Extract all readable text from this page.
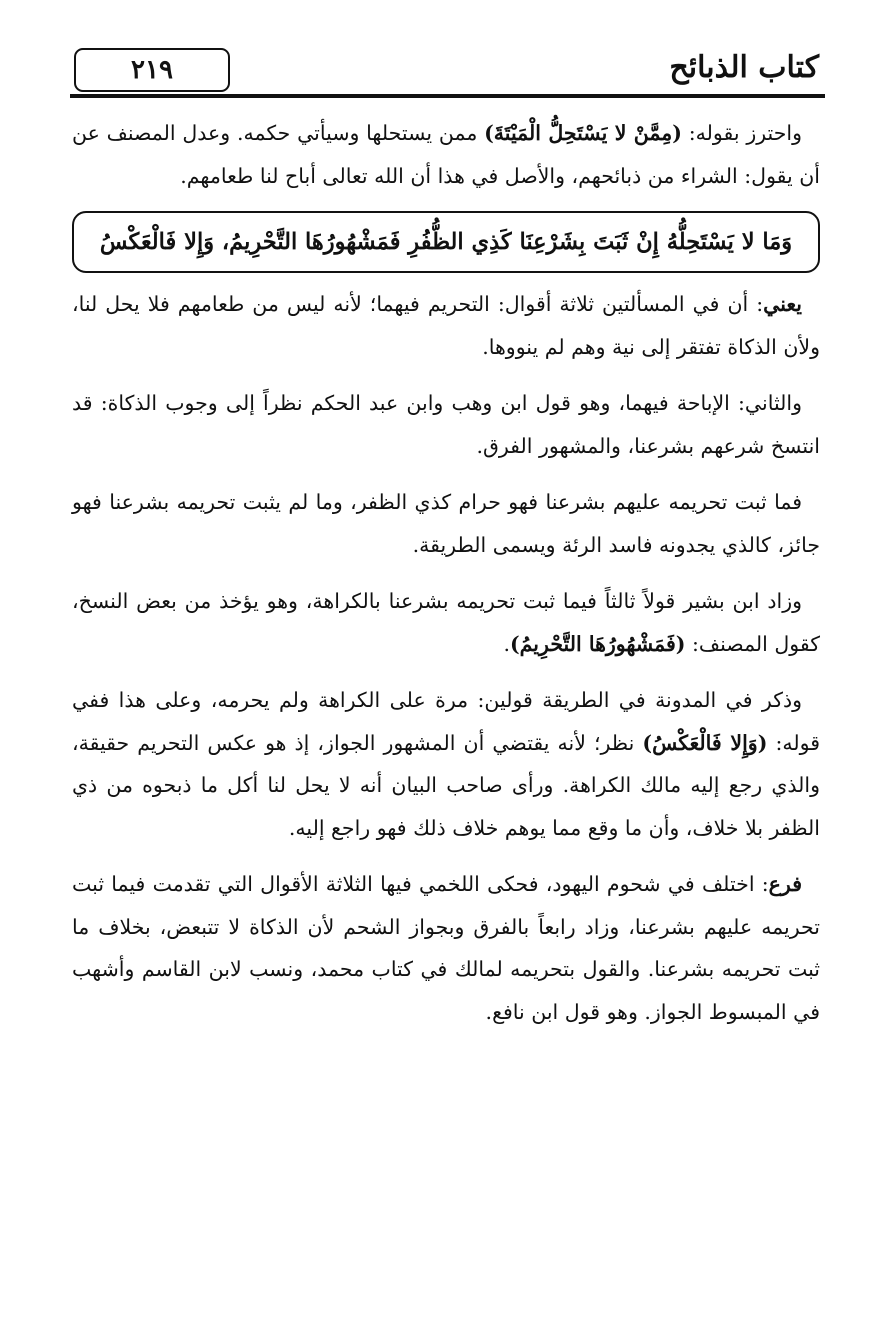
٢١٩	كتاب الذبائح

واحترز بقوله: (مِمَّنْ لا يَسْتَحِلُّ الْمَيْتَةَ) ممن يستحلها وسيأتي حكمه. وعدل المصنف عن أن يقول: الشراء من ذبائحهم، والأصل في هذا أن الله تعالى أباح لنا طعامهم.

وَمَا لا يَسْتَحِلُّهُ إِنْ ثَبَتَ بِشَرْعِنَا كَذِي الظُّفُرِ فَمَشْهُورُهَا التَّحْرِيمُ، وَإِلا فَالْعَكْسُ

يعني: أن في المسألتين ثلاثة أقوال: التحريم فيهما؛ لأنه ليس من طعامهم فلا يحل لنا، ولأن الذكاة تفتقر إلى نية وهم لم ينووها.

والثاني: الإباحة فيهما، وهو قول ابن وهب وابن عبد الحكم نظراً إلى وجوب الذكاة: قد انتسخ شرعهم بشرعنا، والمشهور الفرق.

فما ثبت تحريمه عليهم بشرعنا فهو حرام كذي الظفر، وما لم يثبت تحريمه بشرعنا فهو جائز، كالذي يجدونه فاسد الرئة ويسمى الطريقة.

وزاد ابن بشير قولاً ثالثاً فيما ثبت تحريمه بشرعنا بالكراهة، وهو يؤخذ من بعض النسخ، كقول المصنف: (فَمَشْهُورُهَا التَّحْرِيمُ).

وذكر في المدونة في الطريقة قولين: مرة على الكراهة ولم يحرمه، وعلى هذا ففي قوله: (وَإِلا فَالْعَكْسُ) نظر؛ لأنه يقتضي أن المشهور الجواز، إذ هو عكس التحريم حقيقة، والذي رجع إليه مالك الكراهة. ورأى صاحب البيان أنه لا يحل لنا أكل ما ذبحوه من ذي الظفر بلا خلاف، وأن ما وقع مما يوهم خلاف ذلك فهو راجع إليه.

فرع: اختلف في شحوم اليهود، فحكى اللخمي فيها الثلاثة الأقوال التي تقدمت فيما ثبت تحريمه عليهم بشرعنا، وزاد رابعاً بالفرق وبجواز الشحم لأن الذكاة لا تتبعض، بخلاف ما ثبت تحريمه بشرعنا. والقول بتحريمه لمالك في كتاب محمد، ونسب لابن القاسم وأشهب في المبسوط الجواز. وهو قول ابن نافع.
